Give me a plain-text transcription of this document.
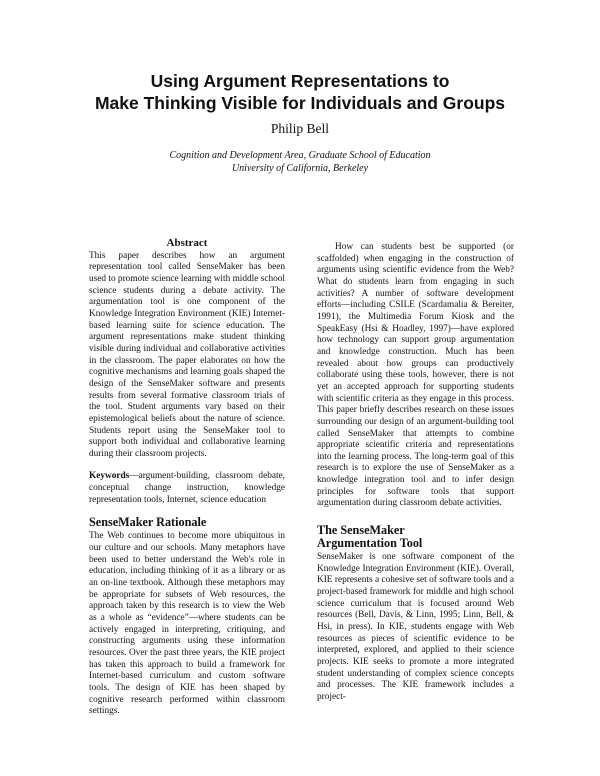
Using Argument Representations to
Make Thinking Visible for Individuals and Groups
Philip Bell
Cognition and Development Area, Graduate School of Education
University of California, Berkeley
Abstract

This paper describes how an argument representation tool called SenseMaker has been used to promote science learning with middle school science students during a debate activity. The argumentation tool is one component of the Knowledge Integration Environment (KIE) Internet-based learning suite for science education. The argument representations make student thinking visible during individual and collaborative activities in the classroom. The paper elaborates on how the cognitive mechanisms and learning goals shaped the design of the SenseMaker software and presents results from several formative classroom trials of the tool. Student arguments vary based on their epistemological beliefs about the nature of science. Students report using the SenseMaker tool to support both individual and collaborative learning during their classroom projects.

Keywords—argument-building, classroom debate, conceptual change instruction, knowledge representation tools, Internet, science education

SenseMaker Rationale

The Web continues to become more ubiquitous in our culture and our schools. Many metaphors have been used to better understand the Web's role in education, including thinking of it as a library or as an on-line textbook. Although these metaphors may be appropriate for subsets of Web resources, the approach taken by this research is to view the Web as a whole as “evidence”—where students can be actively engaged in interpreting, critiquing, and constructing arguments using these information resources. Over the past three years, the KIE project has taken this approach to build a framework for Internet-based curriculum and custom software tools. The design of KIE has been shaped by cognitive research performed within classroom settings.

How can students best be supported (or scaffolded) when engaging in the construction of arguments using scientific evidence from the Web? What do students learn from engaging in such activities? A number of software development efforts—including CSILE (Scardamalia & Bereiter, 1991), the Multimedia Forum Kiosk and the SpeakEasy (Hsi & Hoadley, 1997)—have explored how technology can support group argumentation and knowledge construction. Much has been revealed about how groups can productively collaborate using these tools, however, there is not yet an accepted approach for supporting students with scientific criteria as they engage in this process. This paper briefly describes research on these issues surrounding our design of an argument-building tool called SenseMaker that attempts to combine appropriate scientific criteria and representations into the learning process. The long-term goal of this research is to explore the use of SenseMaker as a knowledge integration tool and to infer design principles for software tools that support argumentation during classroom debate activities.

The SenseMaker
Argumentation Tool

SenseMaker is one software component of the Knowledge Integration Environment (KIE). Overall, KIE represents a cohesive set of software tools and a project-based framework for middle and high school science curriculum that is focused around Web resources (Bell, Davis, & Linn, 1995; Linn, Bell, & Hsi, in press). In KIE, students engage with Web resources as pieces of scientific evidence to be interpreted, explored, and applied to their science projects. KIE seeks to promote a more integrated student understanding of complex science concepts and processes. The KIE framework includes a project-
